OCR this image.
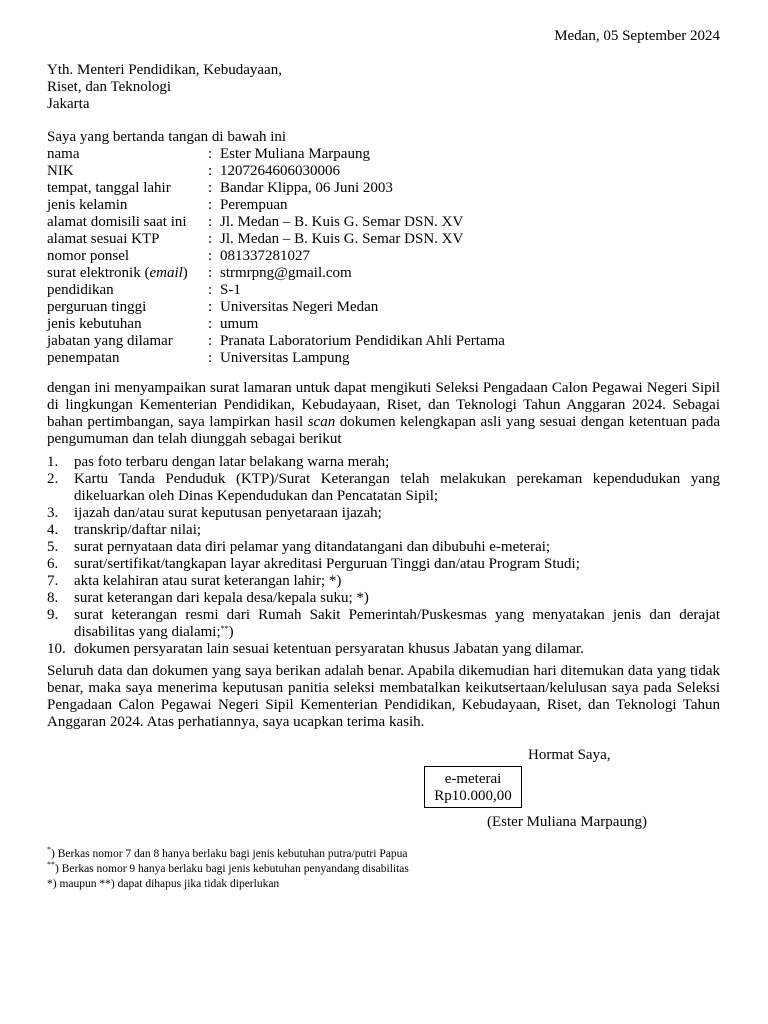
Medan, 05 September 2024
Yth. Menteri Pendidikan, Kebudayaan,
Riset, dan Teknologi
Jakarta
Saya yang bertanda tangan di bawah ini
nama	: Ester Muliana Marpaung
NIK	: 1207264606030006
tempat, tanggal lahir	: Bandar Klippa, 06 Juni 2003
jenis kelamin	: Perempuan
alamat domisili saat ini	: Jl. Medan – B. Kuis G. Semar DSN. XV
alamat sesuai KTP	: Jl. Medan – B. Kuis G. Semar DSN. XV
nomor ponsel	: 081337281027
surat elektronik (email)	: strmrpng@gmail.com
pendidikan	: S-1
perguruan tinggi	: Universitas Negeri Medan
jenis kebutuhan	: umum
jabatan yang dilamar	: Pranata Laboratorium Pendidikan Ahli Pertama
penempatan	: Universitas Lampung
dengan ini menyampaikan surat lamaran untuk dapat mengikuti Seleksi Pengadaan Calon Pegawai Negeri Sipil di lingkungan Kementerian Pendidikan, Kebudayaan, Riset, dan Teknologi Tahun Anggaran 2024. Sebagai bahan pertimbangan, saya lampirkan hasil scan dokumen kelengkapan asli yang sesuai dengan ketentuan pada pengumuman dan telah diunggah sebagai berikut
1.	pas foto terbaru dengan latar belakang warna merah;
2.	Kartu Tanda Penduduk (KTP)/Surat Keterangan telah melakukan perekaman kependudukan yang dikeluarkan oleh Dinas Kependudukan dan Pencatatan Sipil;
3.	ijazah dan/atau surat keputusan penyetaraan ijazah;
4.	transkrip/daftar nilai;
5.	surat pernyataan data diri pelamar yang ditandatangani dan dibubuhi e-meterai;
6.	surat/sertifikat/tangkapan layar akreditasi Perguruan Tinggi dan/atau Program Studi;
7.	akta kelahiran atau surat keterangan lahir; *)
8.	surat keterangan dari kepala desa/kepala suku; *)
9.	surat keterangan resmi dari Rumah Sakit Pemerintah/Puskesmas yang menyatakan jenis dan derajat disabilitas yang dialami;**)
10. dokumen persyaratan lain sesuai ketentuan persyaratan khusus Jabatan yang dilamar.
Seluruh data dan dokumen yang saya berikan adalah benar. Apabila dikemudian hari ditemukan data yang tidak benar, maka saya menerima keputusan panitia seleksi membatalkan keikutsertaan/kelulusan saya pada Seleksi Pengadaan Calon Pegawai Negeri Sipil Kementerian Pendidikan, Kebudayaan, Riset, dan Teknologi Tahun Anggaran 2024. Atas perhatiannya, saya ucapkan terima kasih.
Hormat Saya,
e-meterai
Rp10.000,00
(Ester Muliana Marpaung)
*) Berkas nomor 7 dan 8 hanya berlaku bagi jenis kebutuhan putra/putri Papua
**) Berkas nomor 9 hanya berlaku bagi jenis kebutuhan penyandang disabilitas
*) maupun **) dapat dihapus jika tidak diperlukan
